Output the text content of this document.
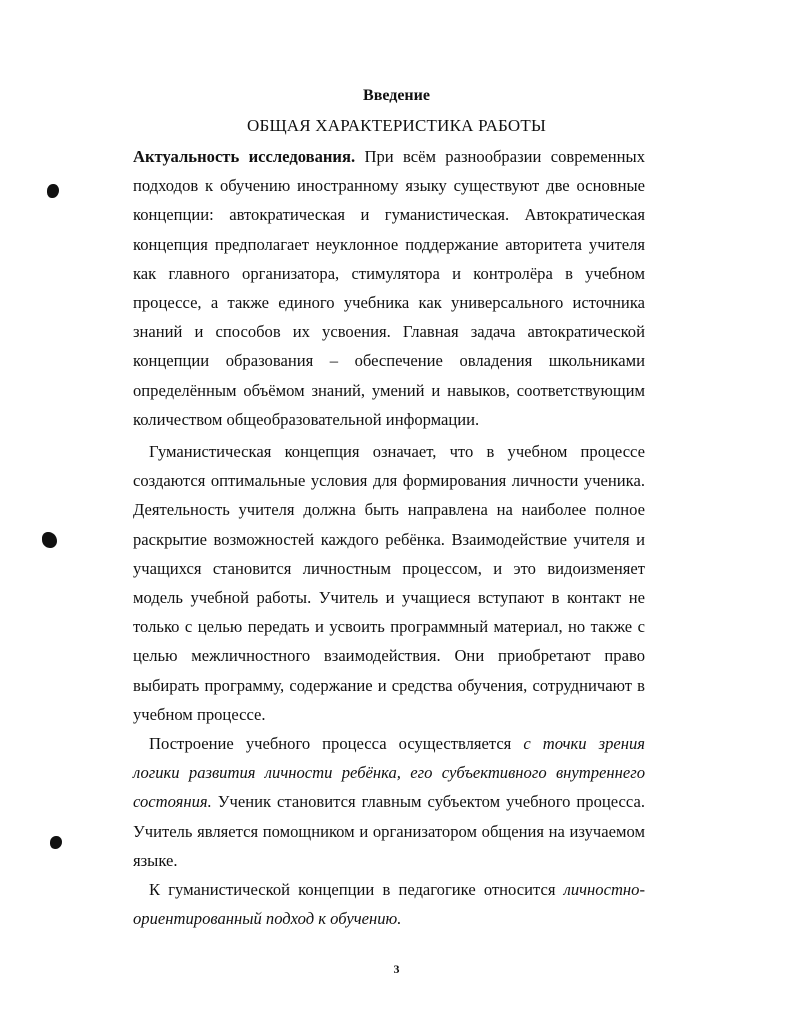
Введение
ОБЩАЯ ХАРАКТЕРИСТИКА РАБОТЫ
Актуальность исследования. При всём разнообразии современных подходов к обучению иностранному языку существуют две основные концепции: автократическая и гуманистическая. Автократическая концепция предполагает неуклонное поддержание авторитета учителя как главного организатора, стимулятора и контролёра в учебном процессе, а также единого учебника как универсального источника знаний и способов их усвоения. Главная задача автократической концепции образования – обеспечение овладения школьниками определённым объёмом знаний, умений и навыков, соответствующим количеством общеобразовательной информации.
Гуманистическая концепция означает, что в учебном процессе создаются оптимальные условия для формирования личности ученика. Деятельность учителя должна быть направлена на наиболее полное раскрытие возможностей каждого ребёнка. Взаимодействие учителя и учащихся становится личностным процессом, и это видоизменяет модель учебной работы. Учитель и учащиеся вступают в контакт не только с целью передать и усвоить программный материал, но также с целью межличностного взаимодействия. Они приобретают право выбирать программу, содержание и средства обучения, сотрудничают в учебном процессе.
Построение учебного процесса осуществляется с точки зрения логики развития личности ребёнка, его субъективного внутреннего состояния. Ученик становится главным субъектом учебного процесса. Учитель является помощником и организатором общения на изучаемом языке.
К гуманистической концепции в педагогике относится личностно-ориентированный подход к обучению.
3
